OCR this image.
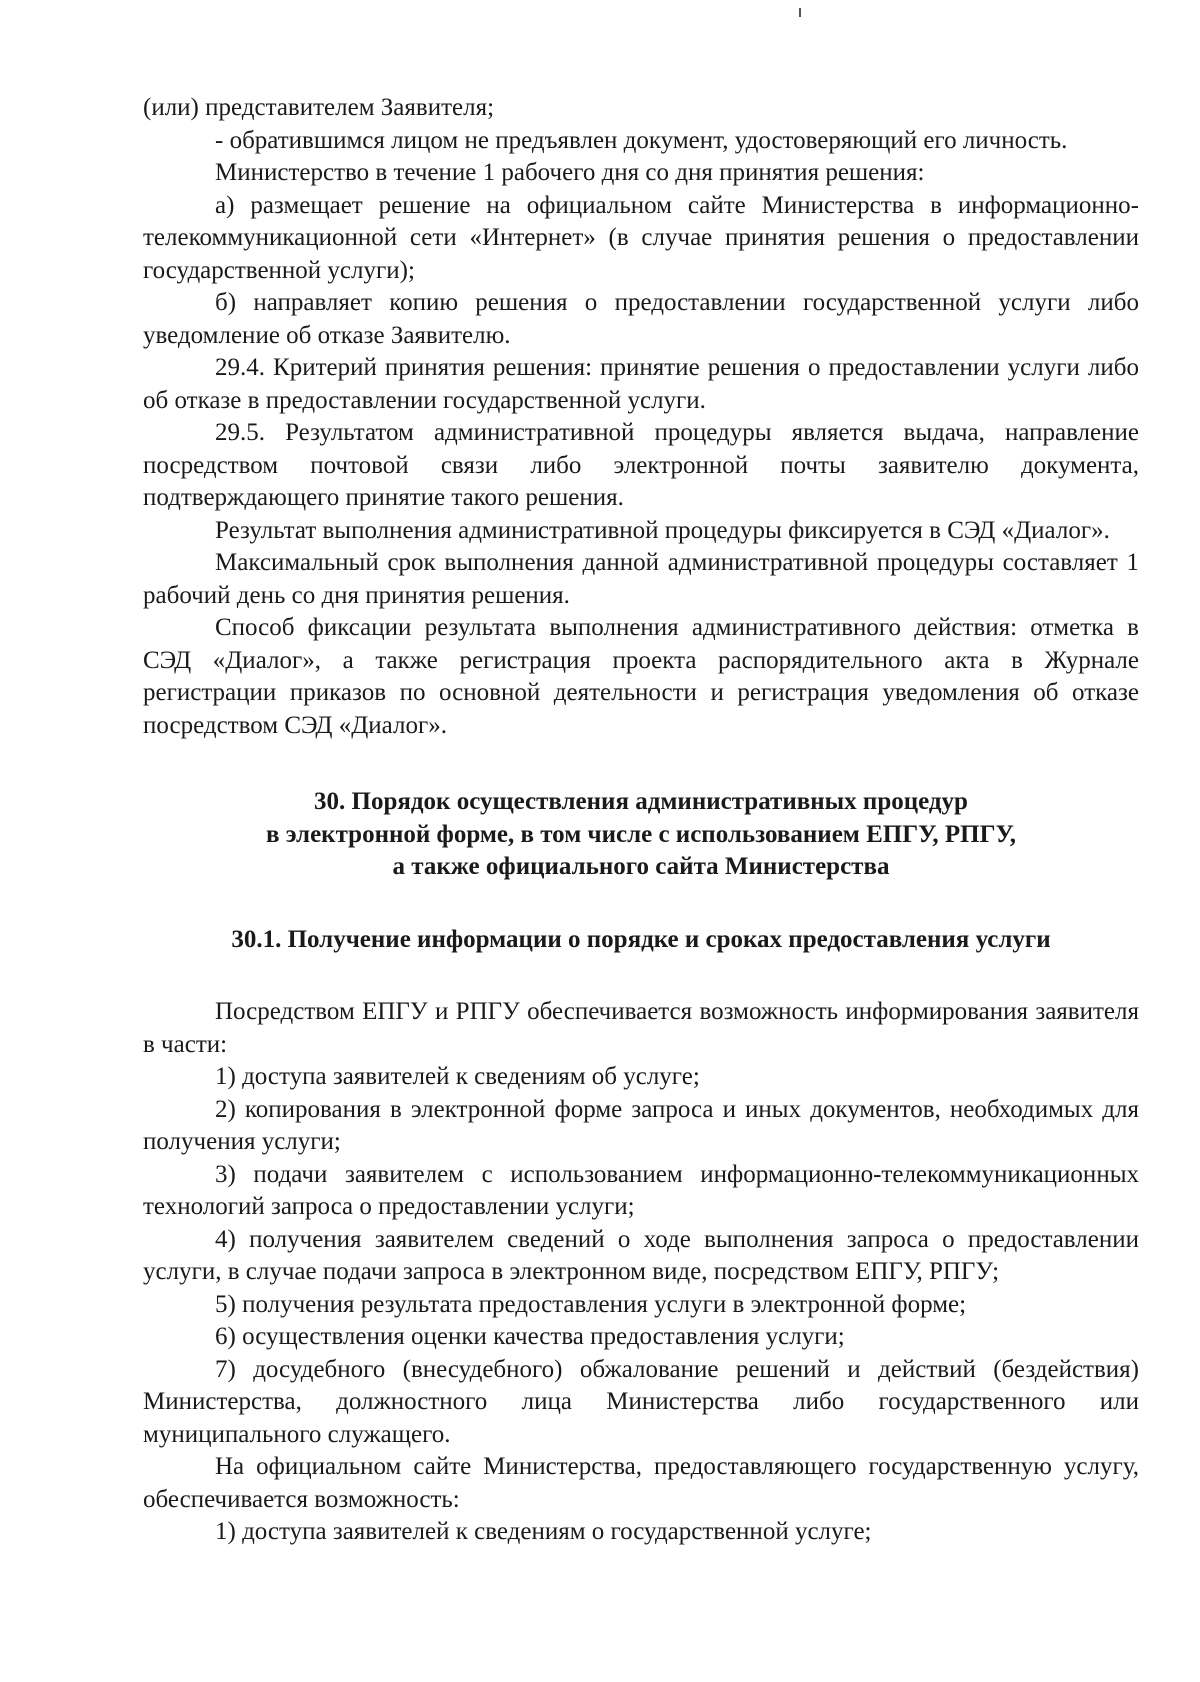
(или) представителем Заявителя;

- обратившимся лицом не предъявлен документ, удостоверяющий его личность.

Министерство в течение 1 рабочего дня со дня принятия решения:

а) размещает решение на официальном сайте Министерства в информационно-телекоммуникационной сети «Интернет» (в случае принятия решения о предоставлении государственной услуги);

б) направляет копию решения о предоставлении государственной услуги либо уведомление об отказе Заявителю.

29.4. Критерий принятия решения: принятие решения о предоставлении услуги либо об отказе в предоставлении государственной услуги.

29.5. Результатом административной процедуры является выдача, направление посредством почтовой связи либо электронной почты заявителю документа, подтверждающего принятие такого решения.

Результат выполнения административной процедуры фиксируется в СЭД «Диалог».

Максимальный срок выполнения данной административной процедуры составляет 1 рабочий день со дня принятия решения.

Способ фиксации результата выполнения административного действия: отметка в СЭД «Диалог», а также регистрация проекта распорядительного акта в Журнале регистрации приказов по основной деятельности и регистрация уведомления об отказе посредством СЭД «Диалог».

30. Порядок осуществления административных процедур
в электронной форме, в том числе с использованием ЕПГУ, РПГУ,
а также официального сайта Министерства
30.1. Получение информации о порядке и сроках предоставления услуги

Посредством ЕПГУ и РПГУ обеспечивается возможность информирования заявителя в части:

1) доступа заявителей к сведениям об услуге;

2) копирования в электронной форме запроса и иных документов, необходимых для получения услуги;

3) подачи заявителем с использованием информационно-телекоммуникационных технологий запроса о предоставлении услуги;

4) получения заявителем сведений о ходе выполнения запроса о предоставлении услуги, в случае подачи запроса в электронном виде, посредством ЕПГУ, РПГУ;

5) получения результата предоставления услуги в электронной форме;

6) осуществления оценки качества предоставления услуги;

7) досудебного (внесудебного) обжалование решений и действий (бездействия) Министерства, должностного лица Министерства либо государственного или муниципального служащего.

На официальном сайте Министерства, предоставляющего государственную услугу, обеспечивается возможность:

1) доступа заявителей к сведениям о государственной услуге;
